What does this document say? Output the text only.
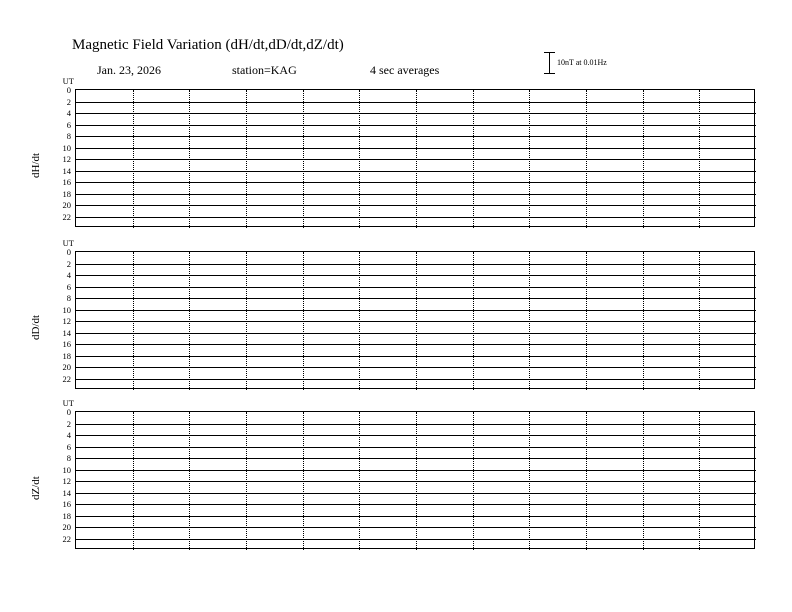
Magnetic Field Variation (dH/dt,dD/dt,dZ/dt)
Jan. 23, 2026	station=KAG	4 sec averages
10nT at 0.01Hz
UT
0
2
4
6
8
10
12
14
16
18
20
22
dH/dt
UT
0
2
4
6
8
10
12
14
16
18
20
22
dD/dt
UT
0
2
4
6
8
10
12
14
16
18
20
22
dZ/dt
